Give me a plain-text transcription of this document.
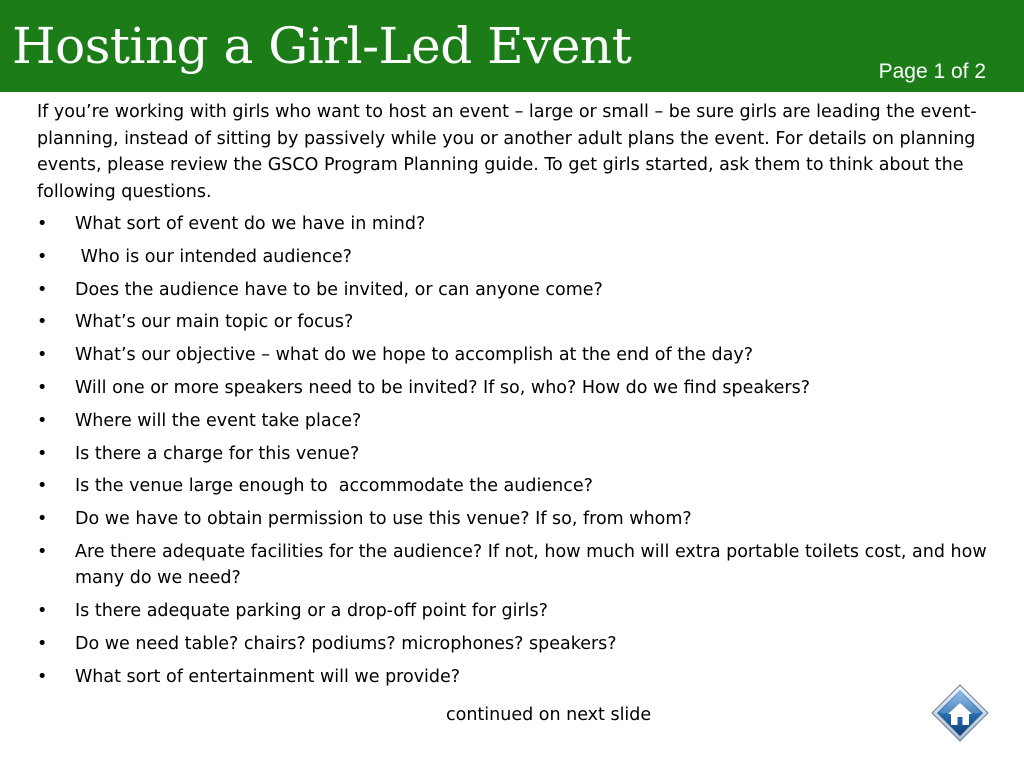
Hosting a Girl-Led Event	Page 1 of 2

If you’re working with girls who want to host an event – large or small – be sure girls are leading the event-planning, instead of sitting by passively while you or another adult plans the event. For details on planning events, please review the GSCO Program Planning guide. To get girls started, ask them to think about the following questions.

• What sort of event do we have in mind?
• Who is our intended audience?
• Does the audience have to be invited, or can anyone come?
• What’s our main topic or focus?
• What’s our objective – what do we hope to accomplish at the end of the day?
• Will one or more speakers need to be invited? If so, who? How do we find speakers?
• Where will the event take place?
• Is there a charge for this venue?
• Is the venue large enough to  accommodate the audience?
• Do we have to obtain permission to use this venue? If so, from whom?
• Are there adequate facilities for the audience? If not, how much will extra portable toilets cost, and how many do we need?
• Is there adequate parking or a drop-off point for girls?
• Do we need table? chairs? podiums? microphones? speakers?
• What sort of entertainment will we provide?
continued on next slide
